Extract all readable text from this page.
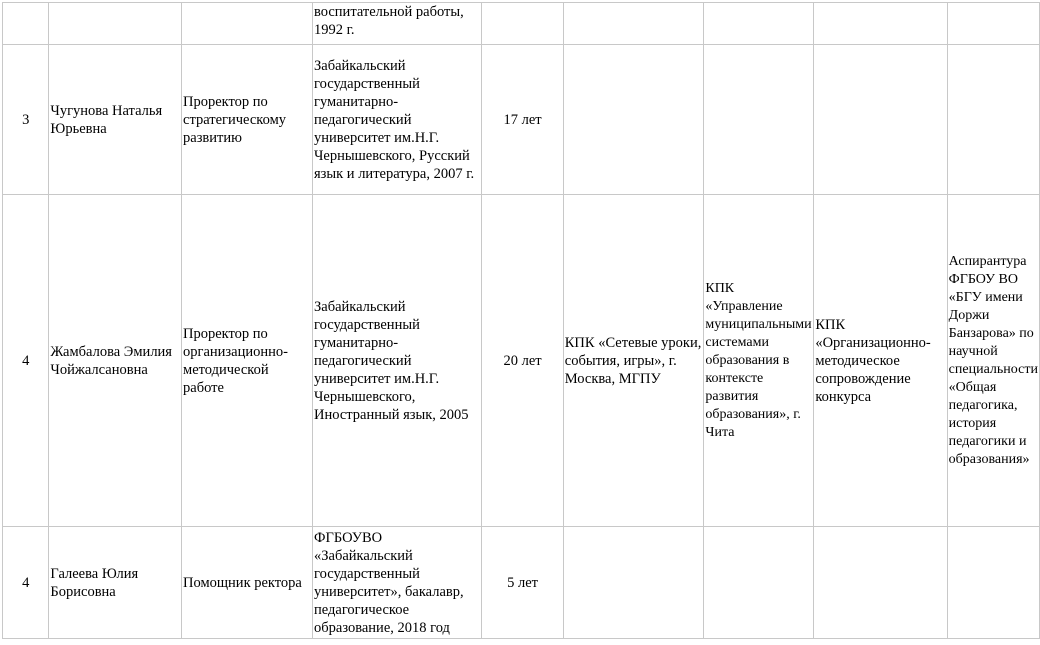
			воспитательной работы, 1992 г.					
3	Чугунова Наталья Юрьевна	Проректор по стратегическому развитию	Забайкальский государственный гуманитарно-педагогический университет им.Н.Г. Чернышевского, Русский язык и литература, 2007 г.	17 лет				
4	Жамбалова Эмилия Чойжалсановна	Проректор по организационно-методической работе	Забайкальский государственный гуманитарно-педагогический университет им.Н.Г. Чернышевского, Иностранный язык, 2005	20 лет	КПК «Сетевые уроки, события, игры», г. Москва, МГПУ	КПК «Управление муниципальными системами образования в контексте развития образования», г. Чита	КПК «Организационно-методическое сопровождение конкурса	Аспирантура ФГБОУ ВО «БГУ имени Доржи Банзарова» по научной специальности «Общая педагогика, история педагогики и образования»
4	Галеева Юлия Борисовна	Помощник ректора	ФГБОУВО «Забайкальский государственный университет», бакалавр, педагогическое образование, 2018 год	5 лет				
